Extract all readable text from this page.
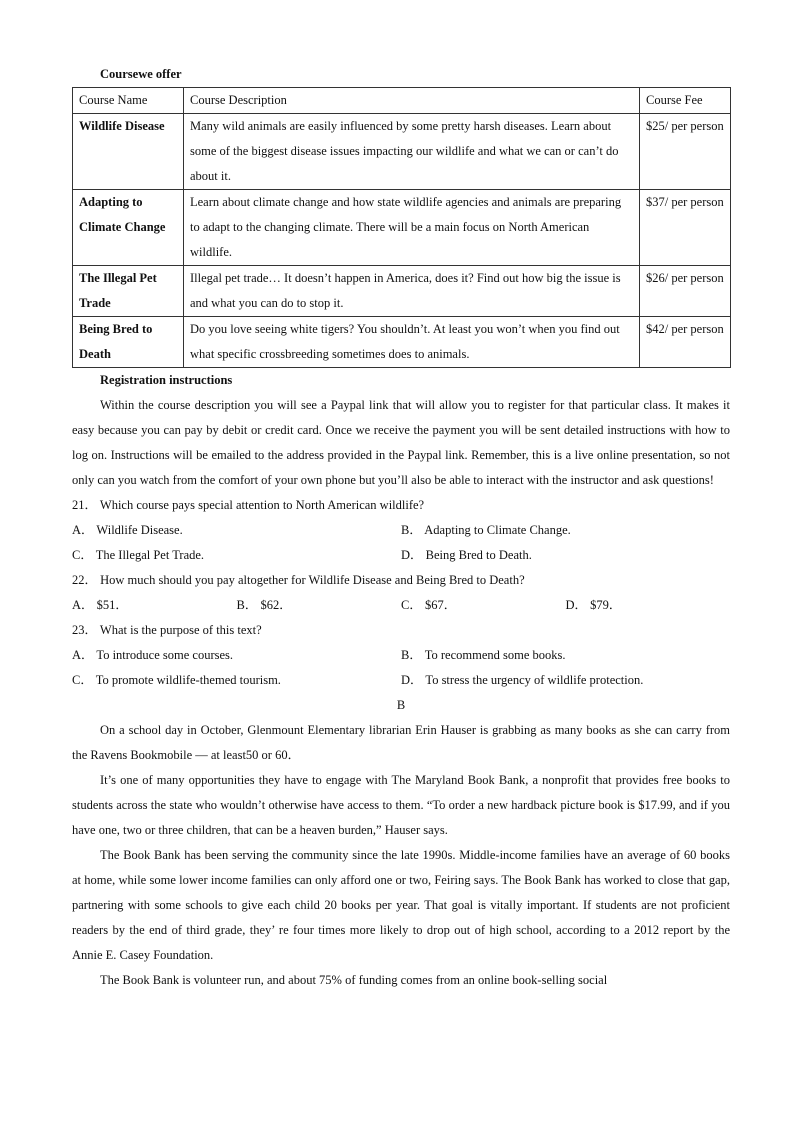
Coursewe offer
Course Name	Course Description	Course Fee
Wildlife Disease	Many wild animals are easily influenced by some pretty harsh diseases. Learn about some of the biggest disease issues impacting our wildlife and what we can or can’t do about it.	$25/ per person
Adapting to Climate Change	Learn about climate change and how state wildlife agencies and animals are preparing to adapt to the changing climate. There will be a main focus on North American wildlife.	$37/ per person
The Illegal Pet Trade	Illegal pet trade… It doesn’t happen in America, does it? Find out how big the issue is and what you can do to stop it.	$26/ per person
Being Bred to Death	Do you love seeing white tigers? You shouldn’t. At least you won’t when you find out what specific crossbreeding sometimes does to animals.	$42/ per person
Registration instructions

Within the course description you will see a Paypal link that will allow you to register for that particular class. It makes it easy because you can pay by debit or credit card. Once we receive the payment you will be sent detailed instructions with how to log on. Instructions will be emailed to the address provided in the Paypal link. Remember, this is a live online presentation, so not only can you watch from the comfort of your own phone but you’ll also be able to interact with the instructor and ask questions!

21． Which course pays special attention to North American wildlife?
A． Wildlife Disease.	B． Adapting to Climate Change.
C． The Illegal Pet Trade.	D． Being Bred to Death.
22． How much should you pay altogether for Wildlife Disease and Being Bred to Death?
A． $51．	B． $62．	C． $67．	D． $79．
23． What is the purpose of this text?
A． To introduce some courses.	B． To recommend some books.
C． To promote wildlife-themed tourism.	D． To stress the urgency of wildlife protection.
B

On a school day in October, Glenmount Elementary librarian Erin Hauser is grabbing as many books as she can carry from the Ravens Bookmobile — at least50 or 60．

It’s one of many opportunities they have to engage with The Maryland Book Bank, a nonprofit that provides free books to students across the state who wouldn’t otherwise have access to them. “To order a new hardback picture book is $17.99, and if you have one, two or three children, that can be a heaven burden,” Hauser says.

The Book Bank has been serving the community since the late 1990s. Middle-income families have an average of 60 books at home, while some lower income families can only afford one or two, Feiring says. The Book Bank has worked to close that gap, partnering with some schools to give each child 20 books per year. That goal is vitally important. If students are not proficient readers by the end of third grade, they’ re four times more likely to drop out of high school, according to a 2012 report by the Annie E. Casey Foundation.

The Book Bank is volunteer run, and about 75% of funding comes from an online book-selling social
